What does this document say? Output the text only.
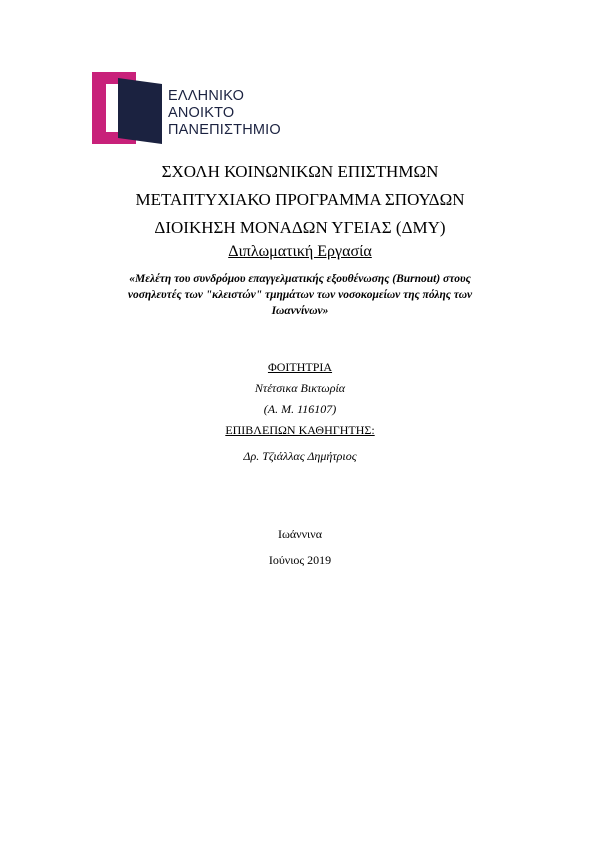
ΕΛΛΗΝΙΚΟ
ΑΝΟΙΚΤΟ
ΠΑΝΕΠΙΣΤΗΜΙΟ
ΣΧΟΛΗ ΚΟΙΝΩΝΙΚΩΝ ΕΠΙΣΤΗΜΩΝ
ΜΕΤΑΠΤΥΧΙΑΚΟ ΠΡΟΓΡΑΜΜΑ ΣΠΟΥΔΩΝ
ΔΙΟΙΚΗΣΗ ΜΟΝΑΔΩΝ ΥΓΕΙΑΣ (ΔΜΥ)
Διπλωματική Εργασία
«Μελέτη του συνδρόμου επαγγελματικής εξουθένωσης (Burnout) στους νοσηλευτές των "κλειστών" τμημάτων των νοσοκομείων της πόλης των Ιωαννίνων»
ΦΟΙΤΗΤΡΙΑ
Ντέτσικα Βικτωρία
(Α. Μ. 116107)
ΕΠΙΒΛΕΠΩΝ ΚΑΘΗΓΗΤΗΣ:
Δρ. Τζιάλλας Δημήτριος
Ιωάννινα
Ιούνιος 2019
